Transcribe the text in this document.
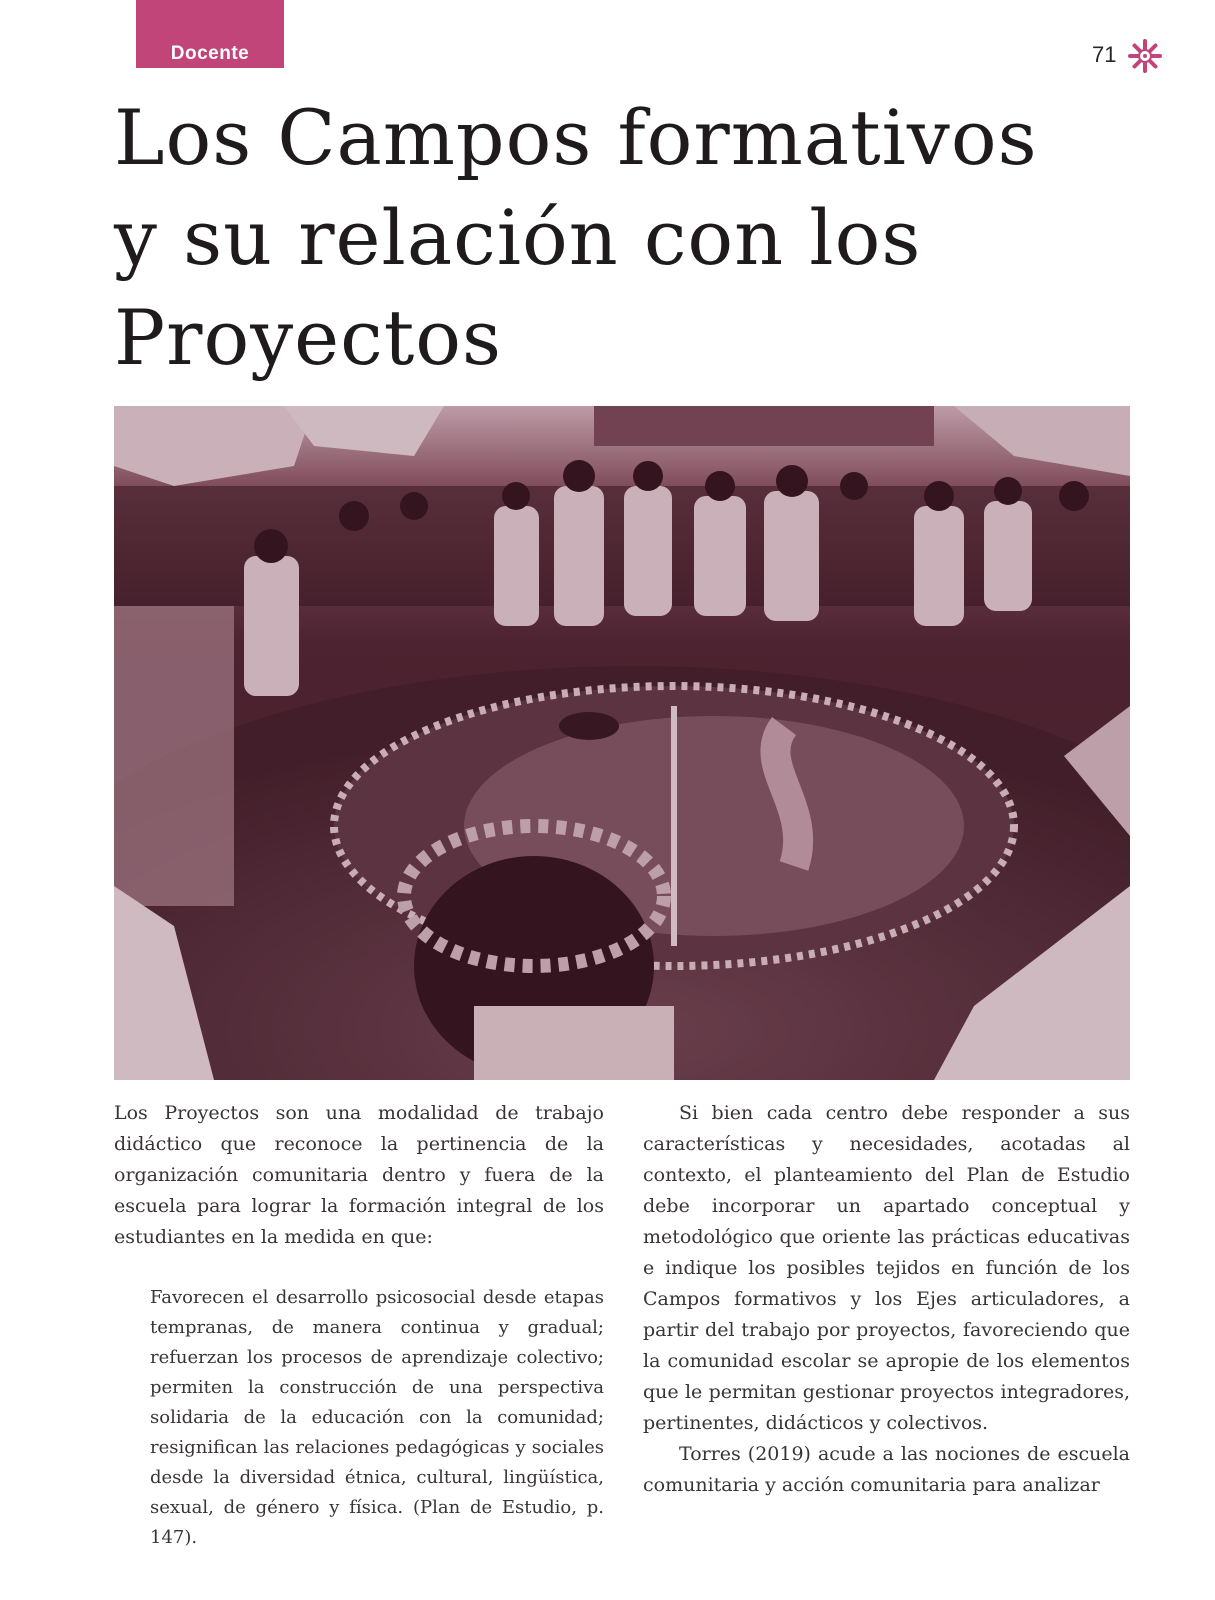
Docente	71
Los Campos formativos
y su relación con los
Proyectos

Los Proyectos son una modalidad de trabajo didáctico que reconoce la pertinencia de la organización comunitaria dentro y fuera de la escuela para lograr la formación integral de los estudiantes en la medida en que:

Favorecen el desarrollo psicosocial desde etapas tempranas, de manera continua y gradual; refuerzan los procesos de aprendizaje colectivo; permiten la construcción de una perspectiva solidaria de la educación con la comunidad; resignifican las relaciones pedagógicas y sociales desde la diversidad étnica, cultural, lingüística, sexual, de género y física. (Plan de Estudio, p. 147).

Si bien cada centro debe responder a sus características y necesidades, acotadas al contexto, el planteamiento del Plan de Estudio debe incorporar un apartado conceptual y metodológico que oriente las prácticas educativas e indique los posibles tejidos en función de los Campos formativos y los Ejes articuladores, a partir del trabajo por proyectos, favoreciendo que la comunidad escolar se apropie de los elementos que le permitan gestionar proyectos integradores, pertinentes, didácticos y colectivos.

Torres (2019) acude a las nociones de escuela comunitaria y acción comunitaria para analizar
